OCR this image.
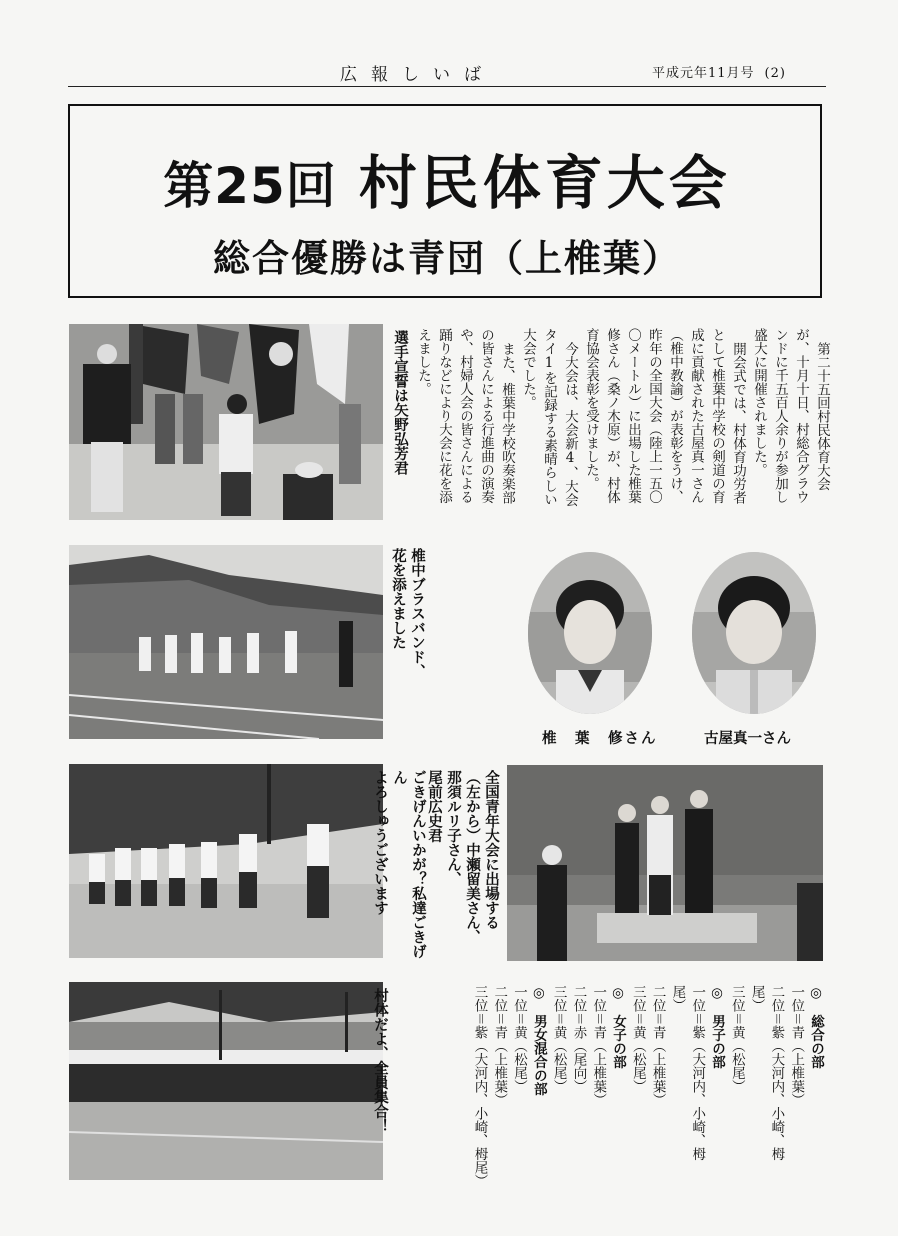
広報しいば	平成元年11月号 (2)
第25回 村民体育大会
総合優勝は青団（上椎葉）

第二十五回村民体育大会が、十月十日、村総合グラウンドに千五百人余りが参加し盛大に開催されました。

開会式では、村体育功労者として椎葉中学校の剣道の育成に貢献された古屋真一さん（椎中教諭）が表彰をうけ、昨年の全国大会（陸上一五〇〇メートル）に出場した椎葉修さん（桑ノ木原）が、村体育協会表彰を受けました。

今大会は、大会新4、大会タイ1を記録する素晴らしい大会でした。

また、椎葉中学校吹奏楽部の皆さんによる行進曲の演奏や、村婦人会の皆さんによる踊りなどにより大会に花を添えました。

選手宣誓は矢野弘芳君
椎中ブラスバンド、
花を添えました
ごきげんいかが？私達ごきげん
よろしゅうございます
村体だよ、全員集合！
椎　葉　修さん	古屋真一さん
全国青年大会に出場する
（左から）中瀬留美さん、
那須ルリ子さん、
尾前広史君
◎　総合の部
一位＝青（上椎葉）
二位＝紫（大河内、小崎、栂尾）
三位＝黄（松尾）
◎　男子の部
一位＝紫（大河内、小崎、栂尾）
二位＝青（上椎葉）
三位＝黄（松尾）
◎　女子の部
一位＝青（上椎葉）
二位＝赤（尾向）
三位＝黄（松尾）
◎　男女混合の部
一位＝黄（松尾）
二位＝青（上椎葉）
三位＝紫（大河内、小崎、栂尾）
